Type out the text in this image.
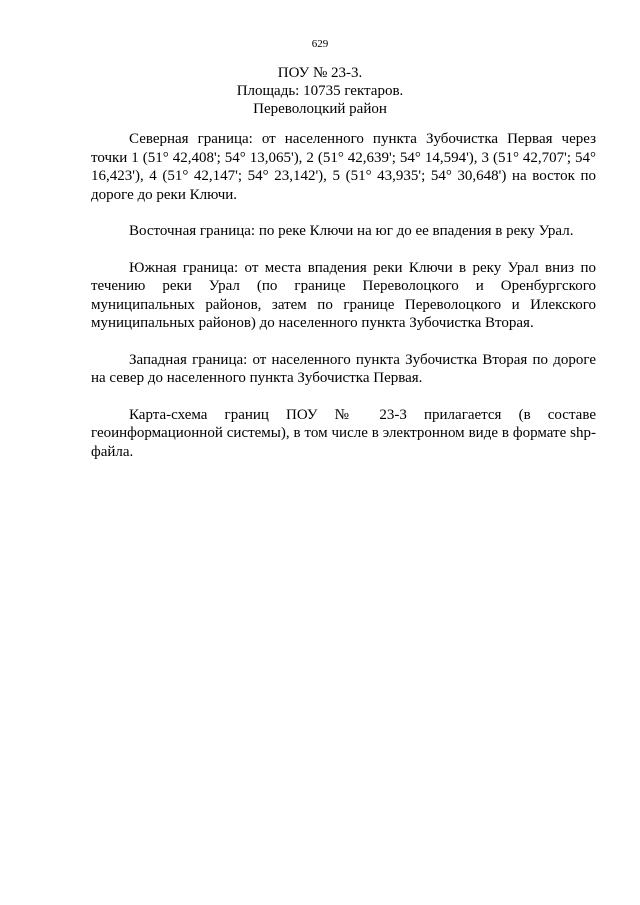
629
ПОУ № 23-3.
Площадь: 10735 гектаров.
Переволоцкий район

Северная граница: от населенного пункта Зубочистка Первая через точки 1 (51° 42,408'; 54° 13,065'), 2 (51° 42,639'; 54° 14,594'), 3 (51° 42,707'; 54° 16,423'), 4 (51° 42,147'; 54° 23,142'), 5 (51° 43,935'; 54° 30,648') на восток по дороге до реки Ключи.

Восточная граница: по реке Ключи на юг до ее впадения в реку Урал.

Южная граница: от места впадения реки Ключи в реку Урал вниз по течению реки Урал (по границе Переволоцкого и Оренбургского муниципальных районов, затем по границе Переволоцкого и Илекского муниципальных районов) до населенного пункта Зубочистка Вторая.

Западная граница: от населенного пункта Зубочистка Вторая по дороге на север до населенного пункта Зубочистка Первая.

Карта-схема границ ПОУ № 23-3 прилагается (в составе геоинформационной системы), в том числе в электронном виде в формате shp-файла.
